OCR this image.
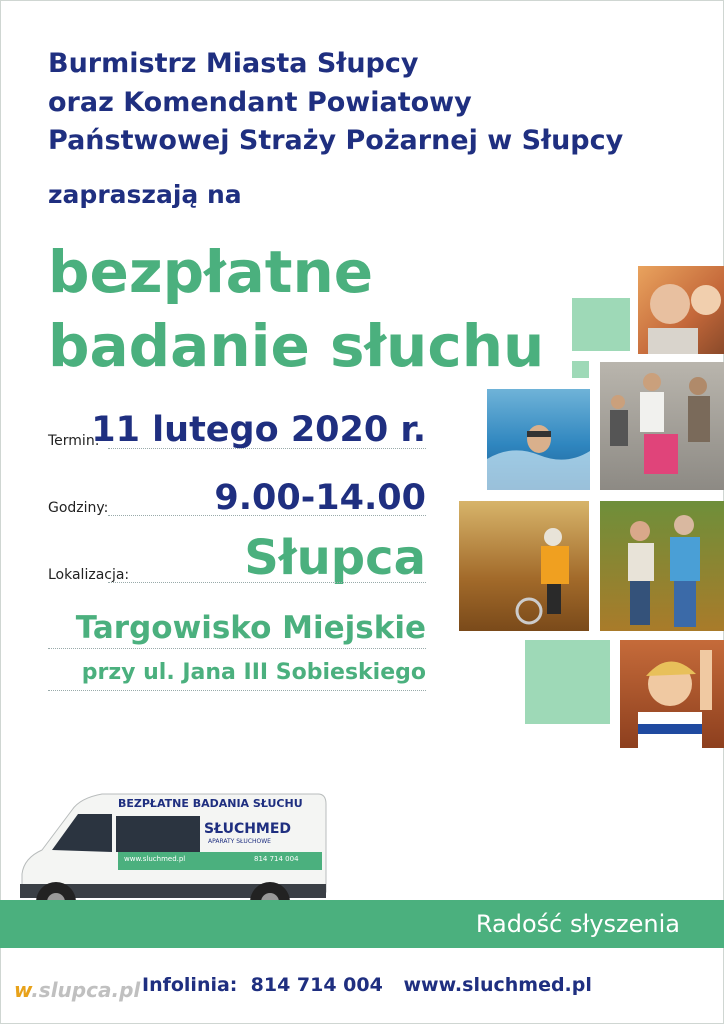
Burmistrz Miasta Słupcy
oraz Komendant Powiatowy
Państwowej Straży Pożarnej w Słupcy
zapraszają na
bezpłatne
badanie słuchu
Termin:
11 lutego 2020 r.
Godziny:	9.00-14.00
Lokalizacja: Słupca
Targowisko Miejskie
przy ul. Jana III Sobieskiego
BEZPŁATNE BADANIA SŁUCHU
SŁUCHMED
APARATY SŁUCHOWE
www.sluchmed.pl	814 714 004
Radość słyszenia
w.slupca.pl Infolinia:  814 714 004 www.sluchmed.pl
